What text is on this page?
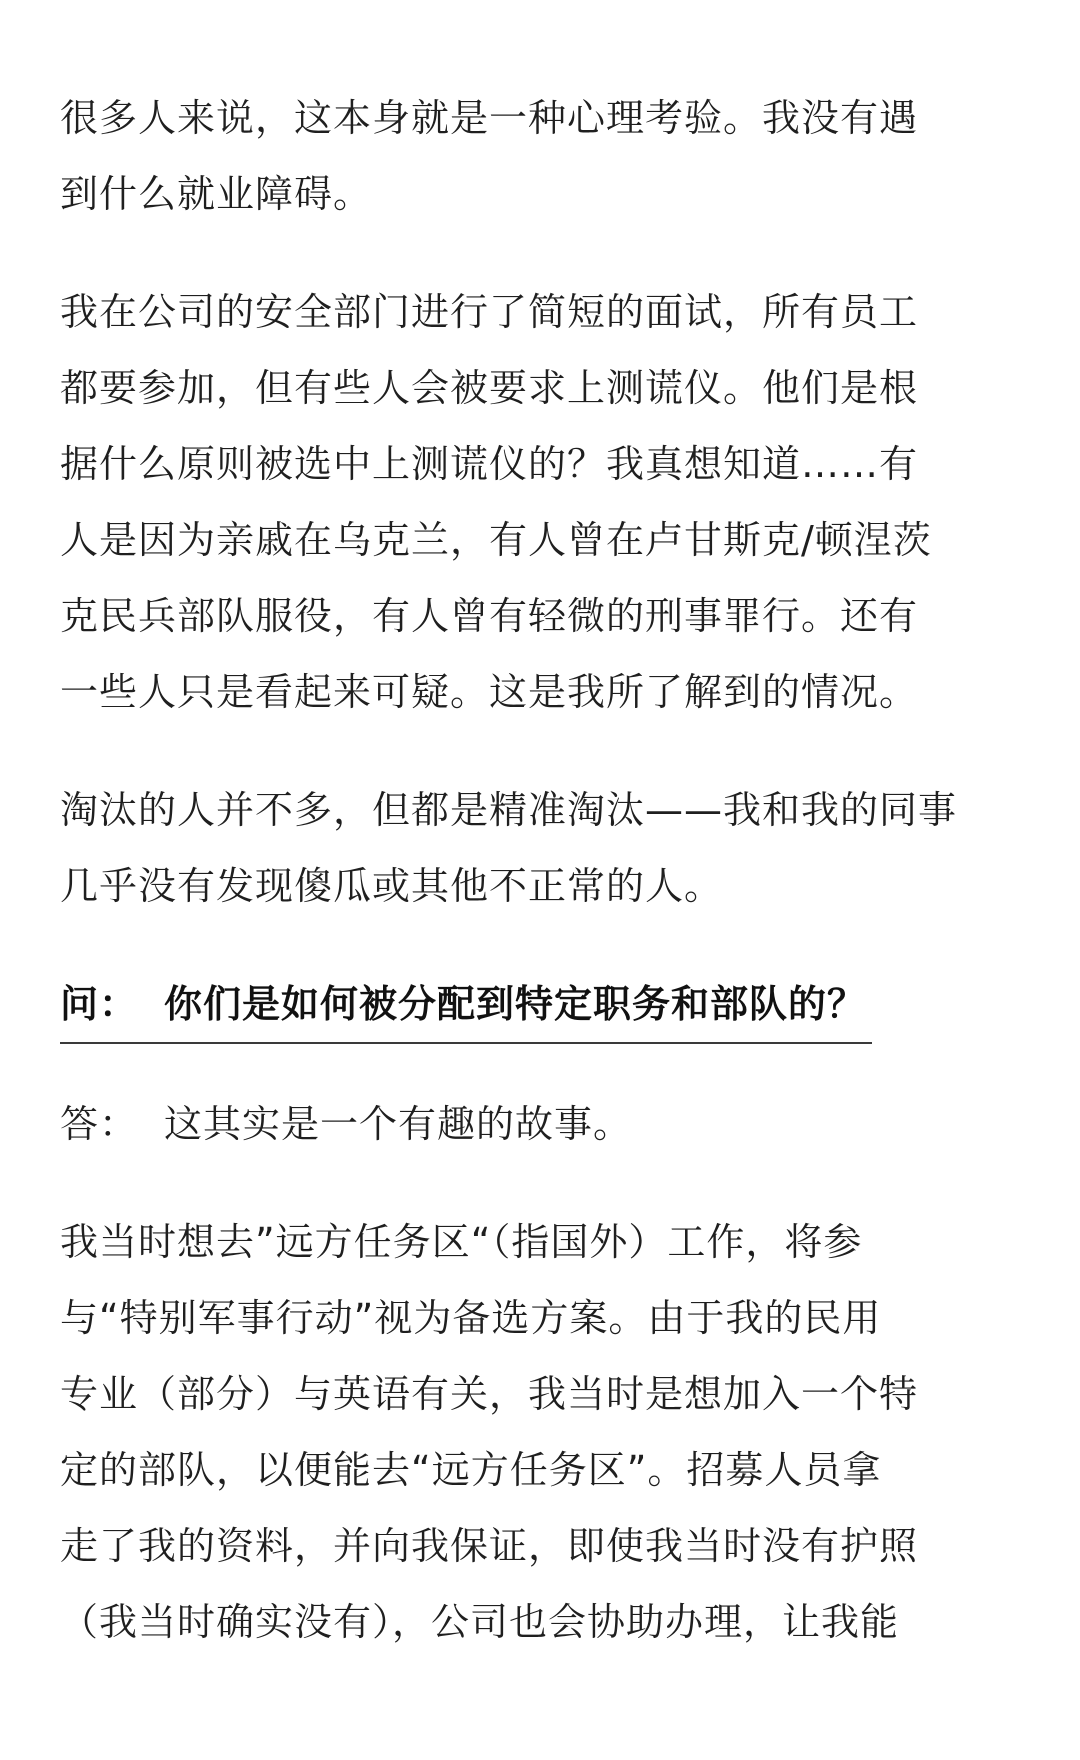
很多人来说，这本身就是一种心理考验。我没有遇
到什么就业障碍。

我在公司的安全部门进行了简短的面试，所有员工
都要参加，但有些人会被要求上测谎仪。他们是根
据什么原则被选中上测谎仪的？我真想知道……有
人是因为亲戚在乌克兰，有人曾在卢甘斯克/顿涅茨
克民兵部队服役，有人曾有轻微的刑事罪行。还有
一些人只是看起来可疑。这是我所了解到的情况。

淘汰的人并不多，但都是精准淘汰——我和我的同事
几乎没有发现傻瓜或其他不正常的人。

问： 你们是如何被分配到特定职务和部队的？

答： 这其实是一个有趣的故事。

我当时想去”远方任务区“（指国外）工作，将参
与“特别军事行动”视为备选方案。由于我的民用
专业（部分）与英语有关，我当时是想加入一个特
定的部队，以便能去“远方任务区”。招募人员拿
走了我的资料，并向我保证，即使我当时没有护照
（我当时确实没有），公司也会协助办理，让我能
